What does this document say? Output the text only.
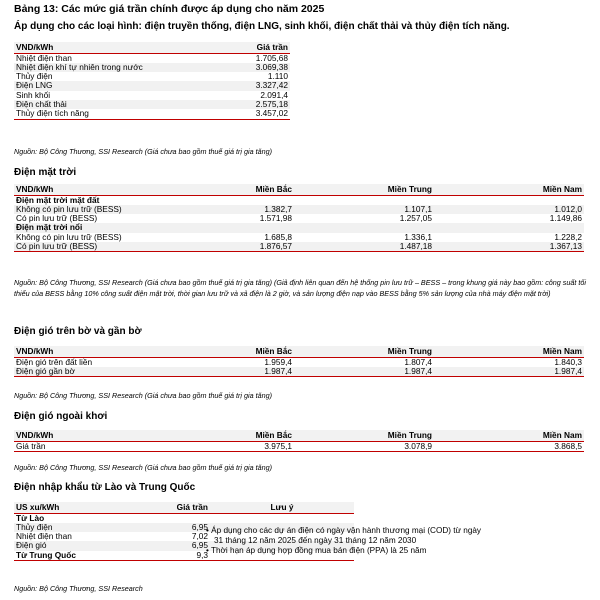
Bảng 13: Các mức giá trần chính được áp dụng cho năm 2025
Áp dụng cho các loại hình: điện truyền thống, điện LNG, sinh khối, điện chất thải và thủy điện tích năng.
VND/kWh	Giá trần
Nhiệt điện than	1.705,68
Nhiệt điện khí tự nhiên trong nước	3.069,38
Thủy điện	1.110
Điện LNG	3.327,42
Sinh khối	2.091,4
Điện chất thải	2.575,18
Thủy điện tích năng	3.457,02
Nguồn: Bộ Công Thương, SSI Research (Giá chưa bao gồm thuế giá trị gia tăng)
Điện mặt trời
VND/kWh	Miền Bắc	Miền Trung	Miền Nam
Điện mặt trời mặt đất			
Không có pin lưu trữ (BESS)	1.382,7	1.107,1	1.012,0
Có pin lưu trữ (BESS)	1.571,98	1.257,05	1.149,86
Điện mặt trời nổi			
Không có pin lưu trữ (BESS)	1.685,8	1.336,1	1.228,2
Có pin lưu trữ (BESS)	1.876,57	1.487,18	1.367,13
Nguồn: Bộ Công Thương, SSI Research (Giá chưa bao gồm thuế giá trị gia tăng) (Giả định liên quan đến hệ thống pin lưu trữ – BESS – trong khung giá này bao gồm: công suất tối thiểu của BESS bằng 10% công suất điện mặt trời, thời gian lưu trữ và xả điện là 2 giờ, và sản lượng điện nạp vào BESS bằng 5% sản lượng của nhà máy điện mặt trời)
Điện gió trên bờ và gần bờ
VND/kWh	Miền Bắc	Miền Trung	Miền Nam
Điện gió trên đất liền	1.959,4	1.807,4	1.840,3
Điện gió gần bờ	1.987,4	1.987,4	1.987,4
Nguồn: Bộ Công Thương, SSI Research (Giá chưa bao gồm thuế giá trị gia tăng)
Điện gió ngoài khơi
VND/kWh	Miền Bắc	Miền Trung	Miền Nam
Giá trần	3.975,1	3.078,9	3.868,5
Nguồn: Bộ Công Thương, SSI Research (Giá chưa bao gồm thuế giá trị gia tăng)
Điện nhập khẩu từ Lào và Trung Quốc
US xu/kWh	Giá trần	Lưu ý
Từ Lào		
Thủy điện	6,95	
Nhiệt điện than	7,02	
Điện gió	6,95	
Từ Trung Quốc	9,3	
• Áp dụng cho các dự án điện có ngày vận hành thương mại (COD) từ ngày
31 tháng 12 năm 2025 đến ngày 31 tháng 12 năm 2030
• Thời hạn áp dụng hợp đồng mua bán điện (PPA) là 25 năm
Nguồn: Bộ Công Thương, SSI Research
